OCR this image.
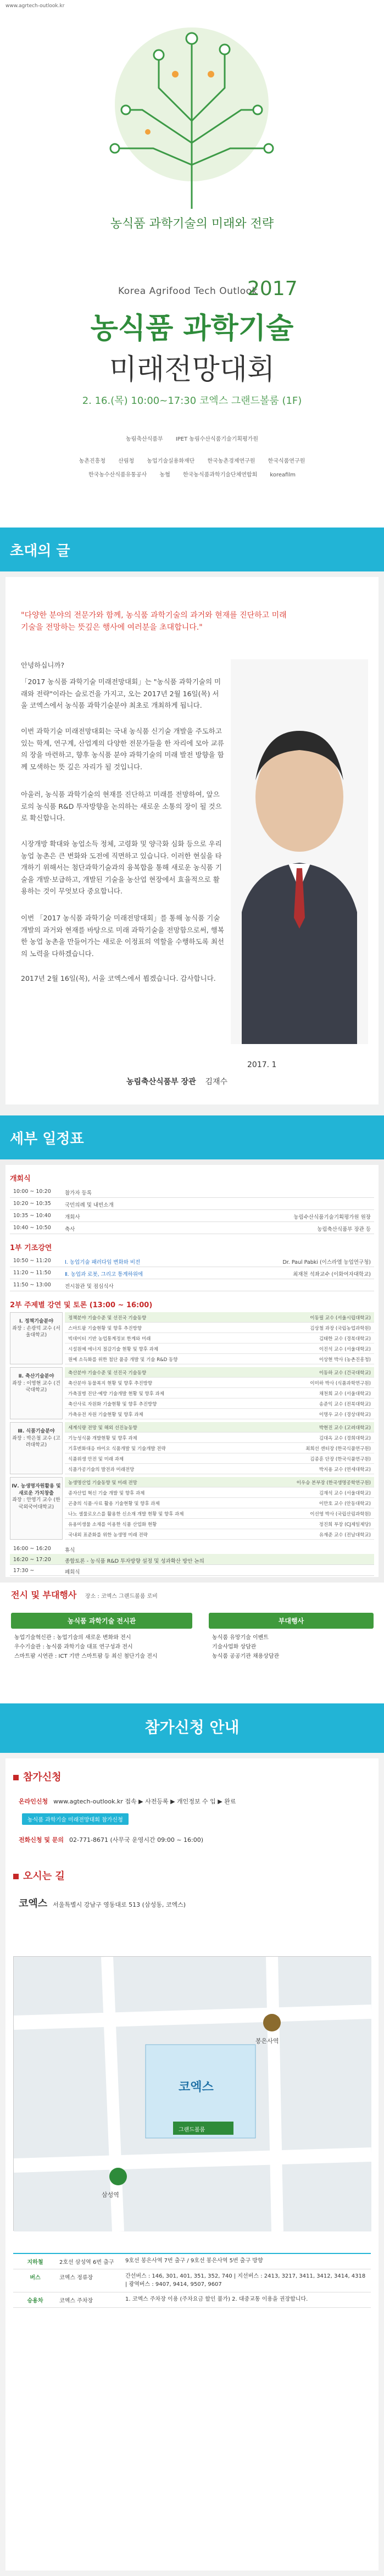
www.agrtech-outlook.kr
농식품 과학기술의 미래와 전략
Korea Agrifood Tech Outlook
2017
농식품 과학기술
미래전망대회
2. 16.(목) 10:00~17:30 코엑스 그랜드볼룸 (1F)
농림축산식품부 IPET 농림수산식품기술기획평가원
농촌진흥청 산림청 농업기술실용화재단 한국농촌경제연구원 한국식품연구원
한국농수산식품유통공사 농협 한국농식품과학기술단체연합회 koreafilm
초대의 글
"다양한 분야의 전문가와 함께, 농식품 과학기술의 과거와 현재를 진단하고 미래 기술을 전망하는 뜻깊은 행사에 여러분을 초대합니다."
안녕하십니까?
「2017 농식품 과학기술 미래전망대회」는 "농식품 과학기술의 미래와 전략"이라는 슬로건을 가지고, 오는 2017년 2월 16일(목) 서울 코엑스에서 농식품 과학기술분야 최초로 개최하게 됩니다.
이번 과학기술 미래전망대회는 국내 농식품 신기술 개발을 주도하고 있는 학계, 연구계, 산업계의 다양한 전문가들을 한 자리에 모아 교류의 장을 마련하고, 향후 농식품 분야 과학기술의 미래 발전 방향을 함께 모색하는 뜻 깊은 자리가 될 것입니다.
아울러, 농식품 과학기술의 현재를 진단하고 미래를 전망하여, 앞으로의 농식품 R&D 투자방향을 논의하는 새로운 소통의 장이 될 것으로 확신합니다.
시장개방 확대와 농업소득 정체, 고령화 및 양극화 심화 등으로 우리 농업 농촌은 큰 변화와 도전에 직면하고 있습니다. 이러한 현실을 타개하기 위해서는 첨단과학기술과의 융복합을 통해 새로운 농식품 기술을 개발·보급하고, 개발된 기술을 농산업 현장에서 효율적으로 활용하는 것이 무엇보다 중요합니다.
이번 「2017 농식품 과학기술 미래전망대회」를 통해 농식품 기술개발의 과거와 현재를 바탕으로 미래 과학기술을 전망함으로써, 행복한 농업 농촌을 만들어가는 새로운 이정표의 역할을 수행하도록 최선의 노력을 다하겠습니다.
2017년 2월 16일(목), 서울 코엑스에서 뵙겠습니다. 감사합니다.
2017. 1
농림축산식품부 장관 김재수
세부 일정표
개회식
10:00 ~ 10:20	참가자 등록
10:20 ~ 10:35	국민의례 및 내빈소개
10:35 ~ 10:40	개회사	농림수산식품기술기획평가원 원장
10:40 ~ 10:50	축사	농림축산식품부 장관 등
1부 기조강연
10:50 ~ 11:20	Ⅰ. 농업기술 패러다임 변화와 비전	Dr. Paul Pabki (이스라엘 농업연구청)
11:20 ~ 11:50	Ⅱ. 농업과 로봇, 그리고 통계하위에	최재천 석좌교수 (이화여자대학교)
11:50 ~ 13:00	전시참관 및 점심식사
2부 주제별 강연 및 토론 (13:00 ~ 16:00)
Ⅰ. 정책기술분야
좌장 : 손광덕 교수 (서울대학교)
정책분야 기술수준 및 선진국 기술동향	이동필 교수 (서울시립대학교)
스마트팜 기술현황 및 향후 추진방향	김상철 과장 (국립농업과학원)
빅데이터 기반 농업통계정보 한계와 미래	김태한 교수 (경북대학교)
시설원예 에너지 절감기술 현황 및 향후 과제	이진석 교수 (서울대학교)
원예 소득화를 위한 첨단 품종 개발 및 기술 R&D 동향	이상현 박사 (농촌진흥청)
Ⅱ. 축산기술분야
좌장 : 이영현 교수 (건국대학교)
축산분야 기술수준 및 선진국 기술동향	이동하 교수 (건국대학교)
축산분야 동물복지 현황 및 향후 추진방향	이미하 박사 (식품과학연구원)
가축질병 진단·예방 기술개발 현황 및 향후 과제	채천희 교수 (서울대학교)
축산사료 자원화 기술현황 및 향후 추진방향	송준익 교수 (전북대학교)
가축유전 자원 기술현황 및 향후 과제	이명우 교수 (경상대학교)
Ⅲ. 식품기술분야
좌장 : 박은철 교수 (고려대학교)
세계식량 전망 및 해외 선진농동향	박현진 교수 (고려대학교)
기능성식품 개발현황 및 향후 과제	김대옥 교수 (경희대학교)
기후변화대응 바이오 식품개발 및 기술개발 전략	최희선 센터장 (한국식품연구원)
식품위생 안전 및 미래 과제	김종훈 단장 (한국식품연구원)
식품가공기술의 발전과 미래전망	박지용 교수 (연세대학교)
Ⅳ. 농생명자원활용 및 새로운 가치창출
좌장 : 안영기 교수 (한국외국어대학교)
농생명산업 기술동향 및 미래 전망	이우승 본부장 (한국생명공학연구원)
종자산업 혁신 기술 개발 및 향후 과제	김재석 교수 (서울대학교)
곤충의 식품·사료 활용 기술현황 및 향후 과제	이만호 교수 (안동대학교)
나노 셀룰로오스를 활용한 신소재 개발 현황 및 향후 과제	이선영 박사 (국립산림과학원)
유용미생물 소재를 이용한 식품 산업화 현황	정진희 부장 (CJ제일제당)
국내외 표준화를 위한 농생명 미래 전략	유재준 교수 (전남대학교)
16:00 ~ 16:20	휴식
16:20 ~ 17:20	종합토론 - 농식품 R&D 투자방향 설정 및 성과확산 방안 논의
17:30 ~	폐회식
전시 및 부대행사 장소 : 코엑스 그랜드볼룸 로비
농식품 과학기술 전시관
농업기술혁신관 : 농업기술의 새로운 변화와 전시
우수기술관 : 농식품 과학기술 대표 연구성과 전시
스마트팜 시연관 : ICT 기반 스마트팜 등 최신 첨단기술 전시
부대행사
농식품 유망기술 이벤트
기술사업화 상담관
농식품 공공기관 채용상담관
참가신청 안내
참가신청
온라인신청 www.agtech-outlook.kr 접속 ▶ 사전등록 ▶ 개인정보 수 입 ▶ 완료
농식품 과학기술 미래전망대회 참가신청
전화신청 및 문의 02-771-8671 (사무국 운영시간 09:00 ~ 16:00)
오시는 길
코엑스 서울특별시 강남구 영동대로 513 (삼성동, 코엑스)
코엑스
그랜드볼룸
삼성역
봉은사역
지하철	2호선 삼성역 6번 출구	9호선 봉은사역 7번 출구 / 9호선 봉은사역 5번 출구 방향
버스	코엑스 정류장	간선버스 : 146, 301, 401, 351, 352, 740 | 지선버스 : 2413, 3217, 3411, 3412, 3414, 4318 | 광역버스 : 9407, 9414, 9507, 9607
승용차	코엑스 주차장	1. 코엑스 주차장 이용 (주차요금 할인 불가) 2. 대중교통 이용을 권장합니다.
